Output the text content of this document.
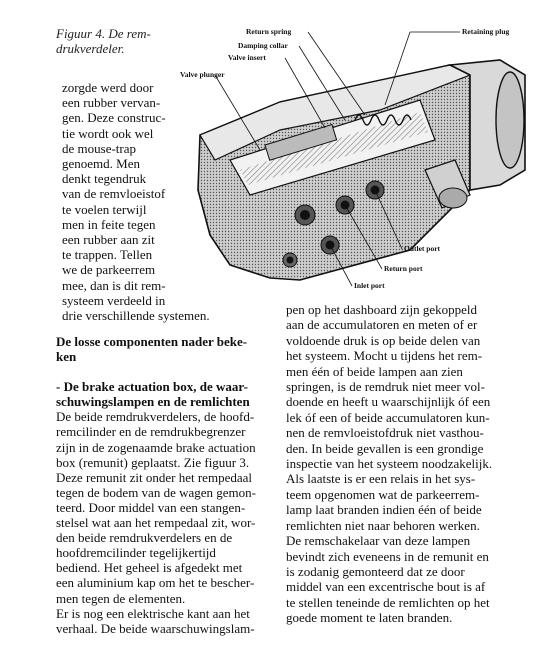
Figuur 4. De rem-
drukverdeler.
Return spring	Retaining plug
Damping collar
Valve insert
Valve plunger
Outlet port
Return port
Inlet port
zorgde werd door
een rubber vervan-
gen. Deze construc-
tie wordt ook wel
de mouse-trap
genoemd. Men
denkt tegendruk
van de remvloeistof
te voelen terwijl
men in feite tegen
een rubber aan zit
te trappen. Tellen
we de parkeerrem
mee, dan is dit rem-
systeem verdeeld in
drie verschillende systemen.
De losse componenten nader beke-
ken
- De brake actuation box, de waar-
schuwingslampen en de remlichten
De beide remdrukverdelers, de hoofd-
remcilinder en de remdrukbegrenzer
zijn in de zogenaamde brake actuation
box (remunit) geplaatst. Zie figuur 3.
Deze remunit zit onder het rempedaal
tegen de bodem van de wagen gemon-
teerd. Door middel van een stangen-
stelsel wat aan het rempedaal zit, wor-
den beide remdrukverdelers en de
hoofdremcilinder tegelijkertijd
bediend. Het geheel is afgedekt met
een aluminium kap om het te bescher-
men tegen de elementen.
Er is nog een elektrische kant aan het
verhaal. De beide waarschuwingslam-
pen op het dashboard zijn gekoppeld
aan de accumulatoren en meten of er
voldoende druk is op beide delen van
het systeem. Mocht u tijdens het rem-
men één of beide lampen aan zien
springen, is de remdruk niet meer vol-
doende en heeft u waarschijnlijk óf een
lek óf een of beide accumulatoren kun-
nen de remvloeistofdruk niet vasthou-
den. In beide gevallen is een grondige
inspectie van het systeem noodzakelijk.
Als laatste is er een relais in het sys-
teem opgenomen wat de parkeerrem-
lamp laat branden indien één of beide
remlichten niet naar behoren werken.
De remschakelaar van deze lampen
bevindt zich eveneens in de remunit en
is zodanig gemonteerd dat ze door
middel van een excentrische bout is af
te stellen teneinde de remlichten op het
goede moment te laten branden.
